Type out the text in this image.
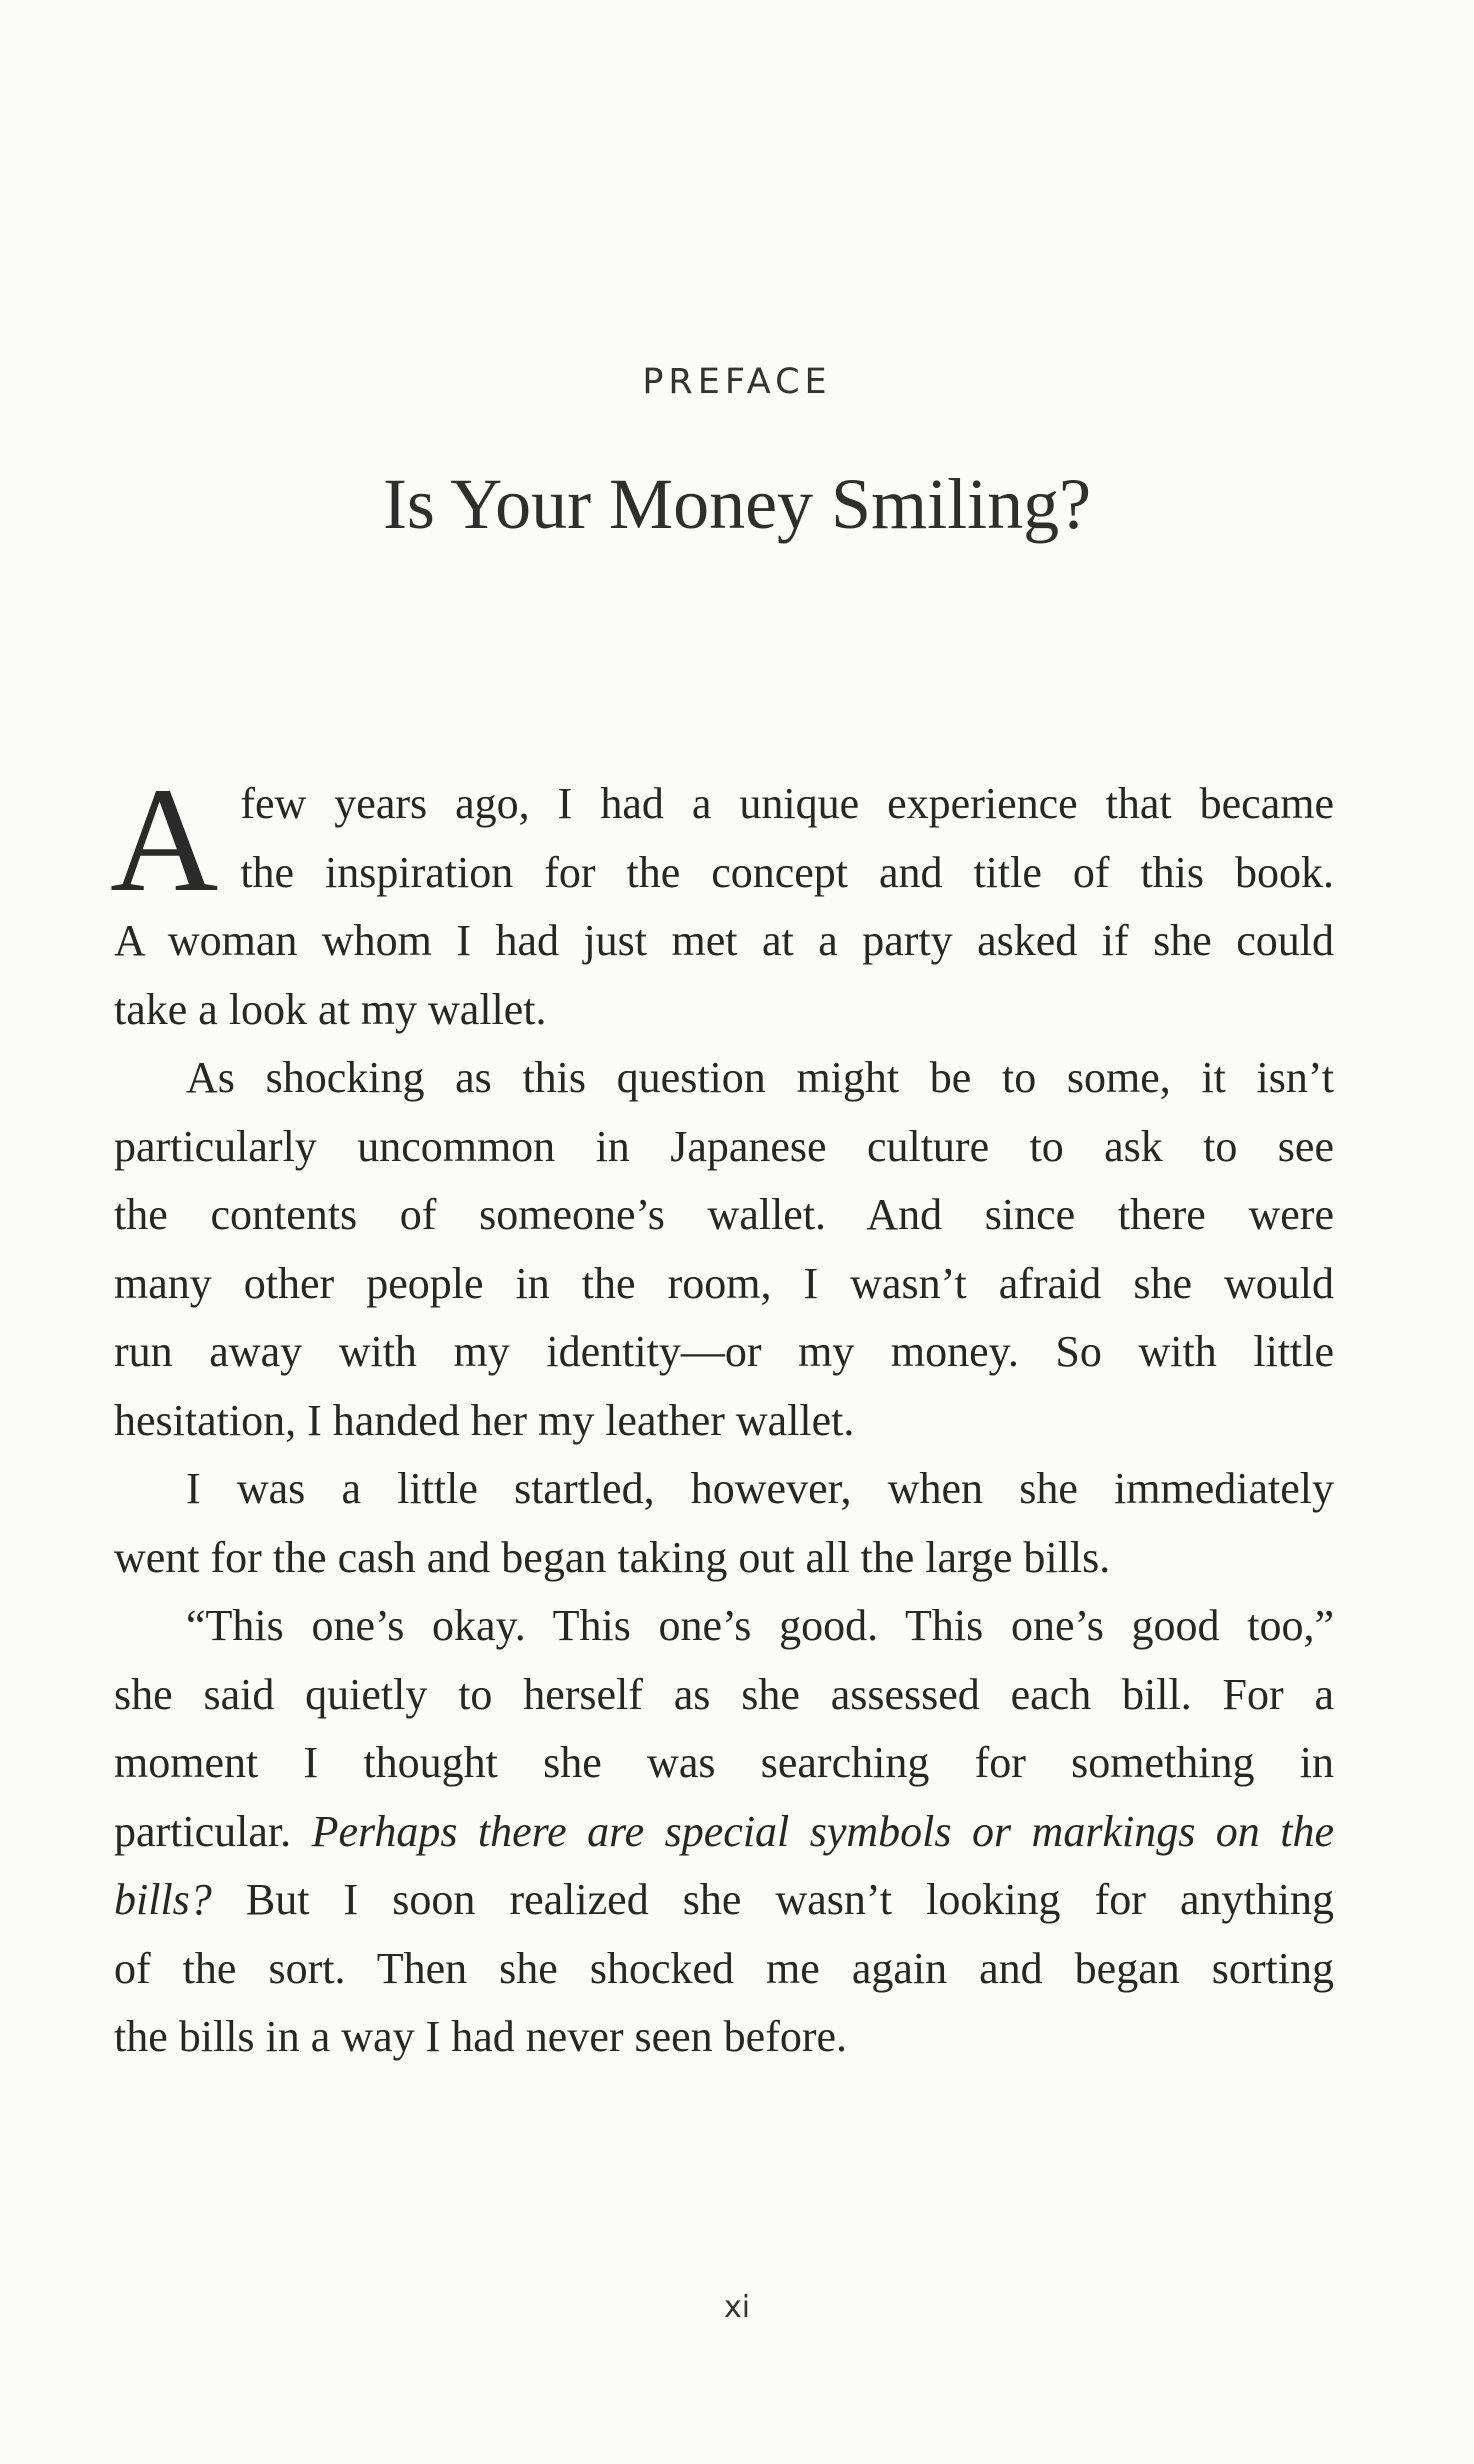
PREFACE
Is Your Money Smiling?
A few years ago, I had a unique experience that became
the inspiration for the concept and title of this book.
A woman whom I had just met at a party asked if she could
take a look at my wallet.
As shocking as this question might be to some, it isn’t
particularly uncommon in Japanese culture to ask to see
the contents of someone’s wallet. And since there were
many other people in the room, I wasn’t afraid she would
run away with my identity—or my money. So with little
hesitation, I handed her my leather wallet.
I was a little startled, however, when she immediately
went for the cash and began taking out all the large bills.
“This one’s okay. This one’s good. This one’s good too,”
she said quietly to herself as she assessed each bill. For a
moment I thought she was searching for something in
particular. Perhaps there are special symbols or markings on the
bills? But I soon realized she wasn’t looking for anything
of the sort. Then she shocked me again and began sorting
the bills in a way I had never seen before.
xi
